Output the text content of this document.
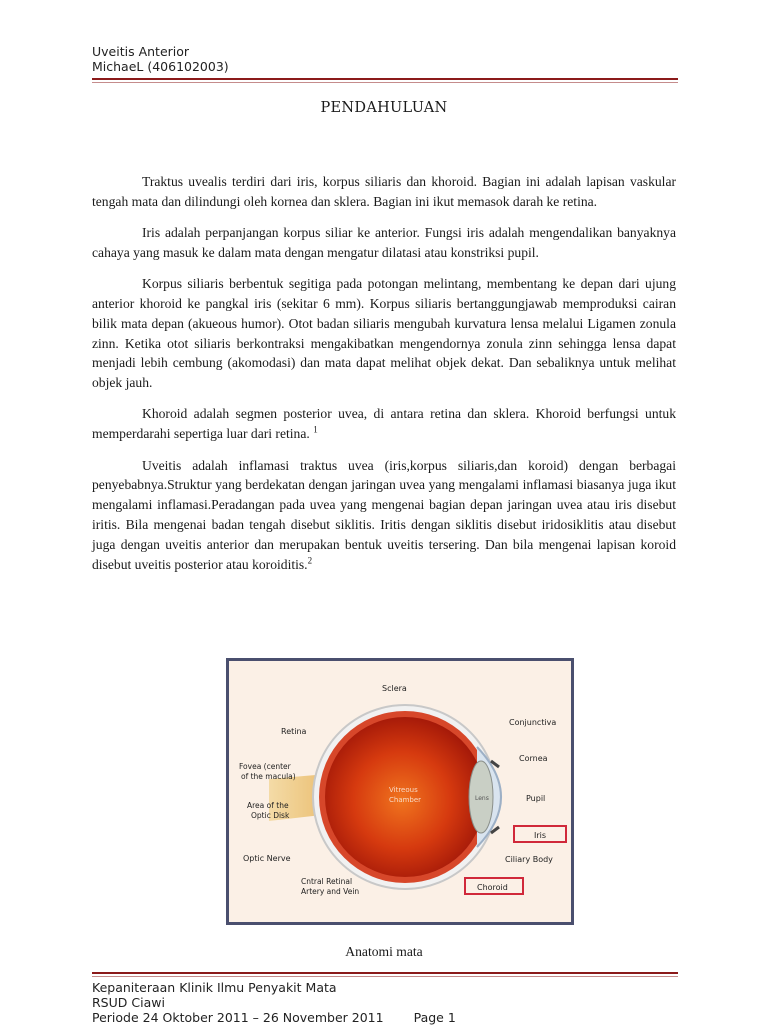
Uveitis Anterior
MichaeL (406102003)
PENDAHULUAN

Traktus uvealis terdiri dari iris, korpus siliaris dan khoroid. Bagian ini adalah lapisan vaskular tengah mata dan dilindungi oleh kornea dan sklera. Bagian ini ikut memasok darah ke retina.

Iris adalah perpanjangan korpus siliar ke anterior. Fungsi iris adalah mengendalikan banyaknya cahaya yang masuk ke dalam mata dengan mengatur dilatasi atau konstriksi pupil.

Korpus siliaris berbentuk segitiga pada potongan melintang, membentang ke depan dari ujung anterior khoroid ke pangkal iris (sekitar 6 mm). Korpus siliaris bertanggungjawab memproduksi cairan bilik mata depan (akueous humor). Otot badan siliaris mengubah kurvatura lensa melalui Ligamen zonula zinn. Ketika otot siliaris berkontraksi mengakibatkan mengendornya zonula zinn sehingga lensa dapat menjadi lebih cembung (akomodasi) dan mata dapat melihat objek dekat. Dan sebaliknya untuk melihat objek jauh.

Khoroid adalah segmen posterior uvea, di antara retina dan sklera. Khoroid berfungsi untuk memperdarahi sepertiga luar dari retina. $^1$

Uveitis adalah inflamasi traktus uvea (iris,korpus siliaris,dan koroid) dengan berbagai penyebabnya.Struktur yang berdekatan dengan jaringan uvea yang mengalami inflamasi biasanya juga ikut mengalami inflamasi.Peradangan pada uvea yang mengenai bagian depan jaringan uvea atau iris disebut iritis. Bila mengenai badan tengah disebut siklitis. Iritis dengan siklitis disebut iridosiklitis atau disebut juga dengan uveitis anterior dan merupakan bentuk uveitis tersering. Dan bila mengenai lapisan koroid disebut uveitis posterior atau koroiditis.$^2$

Sclera
Retina
Conjunctiva
Cornea
Fovea (center
of the macula)
Pupil
Vitreous
Chamber
Area of the
Optic Disk
Lens
Iris
Ciliary Body
Optic Nerve
Cntral Retinal
Artery and Vein	Choroid
Anatomi mata
Kepaniteraan Klinik Ilmu Penyakit Mata
RSUD Ciawi
Periode 24 Oktober 2011 – 26 November 2011 Page 1
